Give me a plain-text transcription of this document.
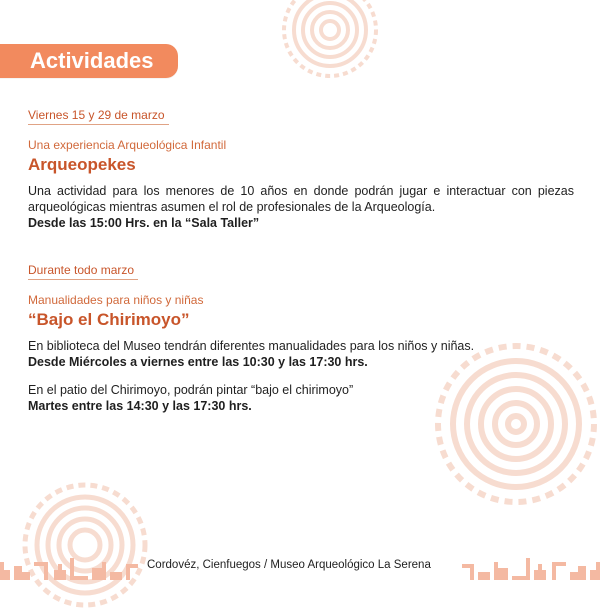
Actividades
Viernes 15 y 29 de marzo
Una experiencia Arqueológica Infantil
Arqueopekes
Una actividad para los menores de 10 años en donde podrán jugar e interactuar con piezas arqueológicas mientras asumen el rol de profesionales de la Arqueología.
Desde las 15:00 Hrs. en la “Sala Taller”
Durante todo marzo
Manualidades para niños y niñas
“Bajo el Chirimoyo”
En biblioteca del Museo tendrán diferentes manualidades para los niños y niñas.
Desde Miércoles a viernes entre las 10:30 y las 17:30 hrs.
En el patio del Chirimoyo, podrán pintar “bajo el chirimoyo”
Martes entre las 14:30 y las 17:30 hrs.
Cordovéz, Cienfuegos / Museo Arqueológico La Serena
